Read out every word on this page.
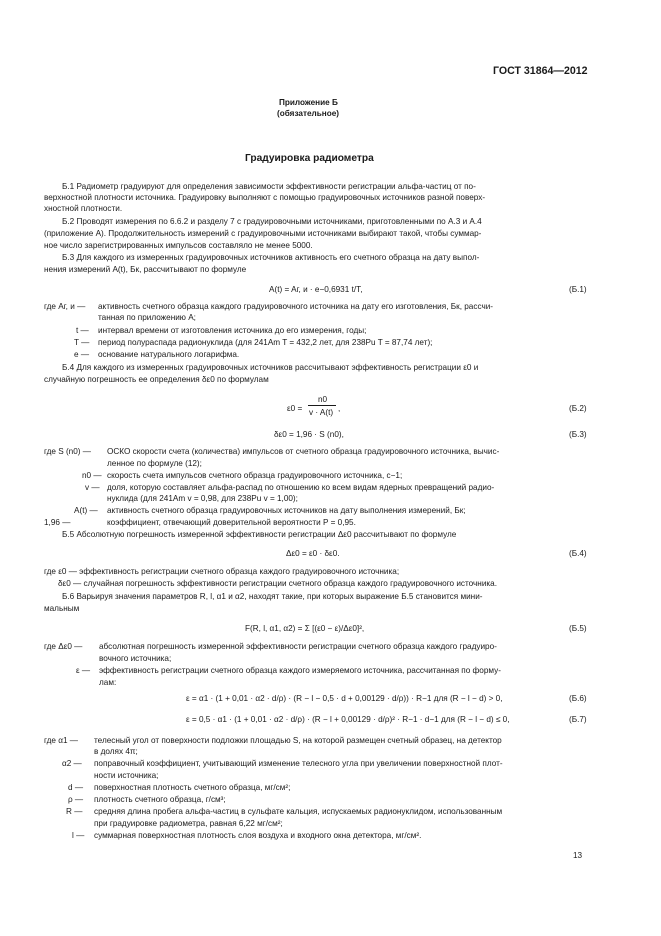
ГОСТ 31864—2012
Приложение Б
(обязательное)
Градуировка радиометра
Б.1 Радиометр градуируют для определения зависимости эффективности регистрации альфа-частиц от по-
верхностной плотности источника. Градуировку выполняют с помощью градуировочных источников разной поверх-
хностной плотности.
Б.2 Проводят измерения по 6.6.2 и разделу 7 с градуировочными источниками, приготовленными по А.3 и А.4
(приложение А). Продолжительность измерений с градуировочными источниками выбирают такой, чтобы суммар-
ное число зарегистрированных импульсов составляло не менее 5000.
Б.3 Для каждого из измеренных градуировочных источников активность его счетного образца на дату выпол-
нения измерений A(t), Бк, рассчитывают по формуле
A(t) = Aг, и · e−0,6931 t/T,	(Б.1)
где Aг, и — активность счетного образца каждого градуировочного источника на дату его изготовления, Бк, рассчи-
танная по приложению А;
t — интервал времени от изготовления источника до его измерения, годы;
T — период полураспада радионуклида (для 241Am T = 432,2 лет, для 238Pu T = 87,74 лет);
e — основание натурального логарифма.
Б.4 Для каждого из измеренных градуировочных источников рассчитывают эффективность регистрации ε0 и
случайную погрешность ее определения δε0 по формулам
ε0 =
n0
v · A(t) ,	(Б.2)
δε0 = 1,96 · S (n0),	(Б.3)
где S (n0) — ОСКО скорости счета (количества) импульсов от счетного образца градуировочного источника, вычис-
ленное по формуле (12);
n0 — скорость счета импульсов счетного образца градуировочного источника, с−1;
v — доля, которую составляет альфа-распад по отношению ко всем видам ядерных превращений радио-
нуклида (для 241Am v = 0,98, для 238Pu v = 1,00);
A(t) — активность счетного образца градуировочных источников на дату выполнения измерений, Бк;
1,96 —	коэффициент, отвечающий доверительной вероятности P = 0,95.
Б.5 Абсолютную погрешность измеренной эффективности регистрации Δε0 рассчитывают по формуле
Δε0 = ε0 · δε0.	(Б.4)
где ε0 — эффективность регистрации счетного образца каждого градуировочного источника;
δε0 — случайная погрешность эффективности регистрации счетного образца каждого градуировочного источника.
Б.6 Варьируя значения параметров R, l, α1 и α2, находят такие, при которых выражение Б.5 становится мини-
мальным
F(R, l, α1, α2) = Σ [(ε0 − ε)/Δε0]²,	(Б.5)
где Δε0 — абсолютная погрешность измеренной эффективности регистрации счетного образца каждого градуиро-
вочного источника;
ε — эффективность регистрации счетного образца каждого измеряемого источника, рассчитанная по форму-
лам:
ε = α1 · (1 + 0,01 · α2 · d/ρ) · (R − l − 0,5 · d + 0,00129 · d/ρ)) · R−1 для (R − l − d) > 0,	(Б.6)
ε = 0,5 · α1 · (1 + 0,01 · α2 · d/ρ) · (R − l + 0,00129 · d/ρ)² · R−1 · d−1 для (R − l − d) ≤ 0,	(Б.7)
где α1 — телесный угол от поверхности подложки площадью S, на которой размещен счетный образец, на детектор
в долях 4π;
α2 — поправочный коэффициент, учитывающий изменение телесного угла при увеличении поверхностной плот-
ности источника;
d — поверхностная плотность счетного образца, мг/см²;
ρ — плотность счетного образца, г/см³;
R — средняя длина пробега альфа-частиц в сульфате кальция, испускаемых радионуклидом, использованным
при градуировке радиометра, равная 6,22 мг/см²;
l — суммарная поверхностная плотность слоя воздуха и входного окна детектора, мг/см².
13
